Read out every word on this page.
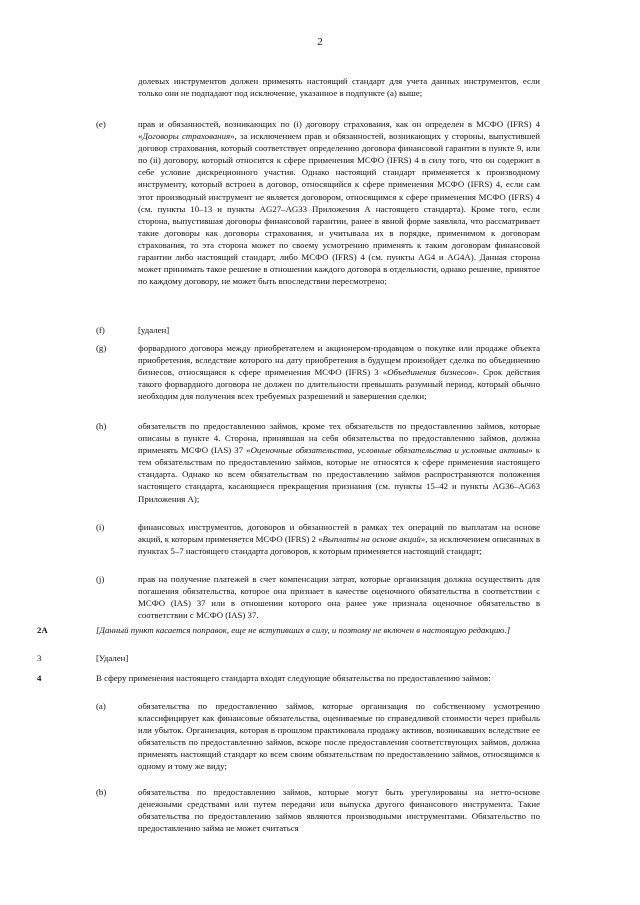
2
долевых инструментов должен применять настоящий стандарт для учета данных инструментов, если только они не подпадают под исключение, указанное в подпункте (а) выше;
(e)	прав и обязанностей, возникающих по (i) договору страхования, как он определен в МСФО (IFRS) 4 «Договоры страхования», за исключением прав и обязанностей, возникающих у стороны, выпустившей договор страхования, который соответствует определению договора финансовой гарантии в пункте 9, или по (ii) договору, который относится к сфере применения МСФО (IFRS) 4 в силу того, что он содержит в себе условие дискреционного участия. Однако настоящий стандарт применяется к производному инструменту, который встроен в договор, относящийся к сфере применения МСФО (IFRS) 4, если сам этот производный инструмент не является договором, относящимся к сфере применения МСФО (IFRS) 4 (см. пункты 10–13 и пункты AG27–AG33 Приложения А настоящего стандарта). Кроме того, если сторона, выпустившая договоры финансовой гарантии, ранее в явной форме заявляла, что рассматривает такие договоры как договоры страхования, и учитывала их в порядке, применимом к договорам страхования, то эта сторона может по своему усмотрению применять к таким договорам финансовой гарантии либо настоящий стандарт, либо МСФО (IFRS) 4 (см. пункты AG4 и AG4A). Данная сторона может принимать такое решение в отношении каждого договора в отдельности, однако решение, принятое по каждому договору, не может быть впоследствии пересмотрено;
(f)	[удален]
(g)	форвардного договора между приобретателем и акционером-продавцом о покупке или продаже объекта приобретения, вследствие которого на дату приобретения в будущем произойдет сделка по объединению бизнесов, относящаяся к сфере применения МСФО (IFRS) 3 «Объединения бизнесов». Срок действия такого форвардного договора не должен по длительности превышать разумный период, который обычно необходим для получения всех требуемых разрешений и завершения сделки;
(h)	обязательств по предоставлению займов, кроме тех обязательств по предоставлению займов, которые описаны в пункте 4. Сторона, принявшая на себя обязательства по предоставлению займов, должна применять МСФО (IAS) 37 «Оценочные обязательства, условные обязательства и условные активы» к тем обязательствам по предоставлению займов, которые не относятся к сфере применения настоящего стандарта. Однако ко всем обязательствам по предоставлению займов распространяются положения настоящего стандарта, касающиеся прекращения признания (см. пункты 15–42 и пункты AG36–AG63 Приложения А);
(i)	финансовых инструментов, договоров и обязанностей в рамках тех операций по выплатам на основе акций, к которым применяется МСФО (IFRS) 2 «Выплаты на основе акций», за исключением описанных в пунктах 5–7 настоящего стандарта договоров, к которым применяется настоящий стандарт;
(j)	прав на получение платежей в счет компенсации затрат, которые организация должна осуществить для погашения обязательства, которое она признает в качестве оценочного обязательства в соответствии с МСФО (IAS) 37 или в отношении которого она ранее уже признала оценочное обязательство в соответствии с МСФО (IAS) 37.
2A	[Данный пункт касается поправок, еще не вступивших в силу, и поэтому не включен в настоящую редакцию.]
3	[Удален]
4	В сферу применения настоящего стандарта входят следующие обязательства по предоставлению займов:
(a)	обязательства по предоставлению займов, которые организация по собственному усмотрению классифицирует как финансовые обязательства, оцениваемые по справедливой стоимости через прибыль или убыток. Организация, которая в прошлом практиковала продажу активов, возникавших вследствие ее обязательств по предоставлению займов, вскоре после предоставления соответствующих займов, должна применять настоящий стандарт ко всем своим обязательствам по предоставлению займов, относящимся к одному и тому же виду;
(b)	обязательства по предоставлению займов, которые могут быть урегулированы на нетто-основе денежными средствами или путем передачи или выпуска другого финансового инструмента. Такие обязательства по предоставлению займов являются производными инструментами. Обязательство по предоставлению займа не может считаться
